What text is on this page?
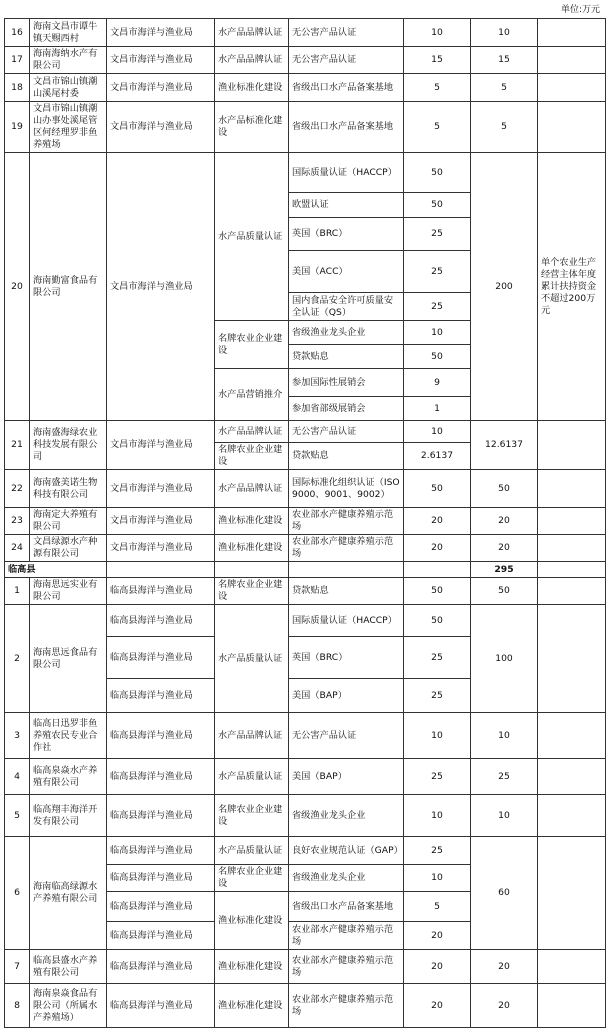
单位:万元
16	海南文昌市谭牛镇天赐西村	文昌市海洋与渔业局	水产品品牌认证	无公害产品认证	10	10	
17	海南海纳水产有限公司	文昌市海洋与渔业局	水产品品牌认证	无公害产品认证	15	15	
18	文昌市锦山镇潮山溪尾村委	文昌市海洋与渔业局	渔业标准化建设	省级出口水产品备案基地	5	5	
19	文昌市锦山镇潮山办事处溪尾管区何经理罗非鱼养殖场	文昌市海洋与渔业局	水产品标准化建设	省级出口水产品备案基地	5	5	
20	海南勤富食品有限公司	文昌市海洋与渔业局	水产品质量认证	国际质量认证（HACCP）	50	200	单个农业生产经营主体年度累计扶持资金不超过200万元
				欧盟认证	50		
				英国（BRC）	25		
				美国（ACC）	25		
				国内食品安全许可质量安全认证（QS）	25		
			名牌农业企业建设	省级渔业龙头企业	10		
				贷款贴息	50		
			水产品营销推介	参加国际性展销会	9		
				参加省部级展销会	1		
21	海南盛海绿农业科技发展有限公司	文昌市海洋与渔业局	水产品品牌认证	无公害产品认证	10	12.6137	
			名牌农业企业建设	贷款贴息	2.6137		
22	海南盛美诺生物科技有限公司	文昌市海洋与渔业局	水产品品牌认证	国际标准化组织认证（ISO 9000、9001、9002）	50	50	
23	海南定大养殖有限公司	文昌市海洋与渔业局	渔业标准化建设	农业部水产健康养殖示范场	20	20	
24	文昌绿源水产种源有限公司	文昌市海洋与渔业局	渔业标准化建设	农业部水产健康养殖示范场	20	20	
临高县						295	
1	海南思远实业有限公司	临高县海洋与渔业局	名牌农业企业建设	贷款贴息	50	50	
2	海南思远食品有限公司	临高县海洋与渔业局	水产品质量认证	国际质量认证（HACCP）	50	100	
		临高县海洋与渔业局		英国（BRC）	25		
		临高县海洋与渔业局		美国（BAP）	25		
3	临高日迅罗非鱼养殖农民专业合作社	临高县海洋与渔业局	水产品品牌认证	无公害产品认证	10	10	
4	临高泉焱水产养殖有限公司	临高县海洋与渔业局	水产品质量认证	美国（BAP）	25	25	
5	临高翔丰海洋开发有限公司	临高县海洋与渔业局	名牌农业企业建设	省级渔业龙头企业	10	10	
6	海南临高绿源水产养殖有限公司	临高县海洋与渔业局	水产品质量认证	良好农业规范认证（GAP）	25	60	
		临高县海洋与渔业局	名牌农业企业建设	省级渔业龙头企业	10		
		临高县海洋与渔业局	渔业标准化建设	省级出口水产品备案基地	5		
		临高县海洋与渔业局		农业部水产健康养殖示范场	20		
7	临高县盛水产养殖有限公司	临高县海洋与渔业局	渔业标准化建设	农业部水产健康养殖示范场	20	20	
8	海南泉焱食品有限公司（所属水产养殖场）	临高县海洋与渔业局	渔业标准化建设	农业部水产健康养殖示范场	20	20	
